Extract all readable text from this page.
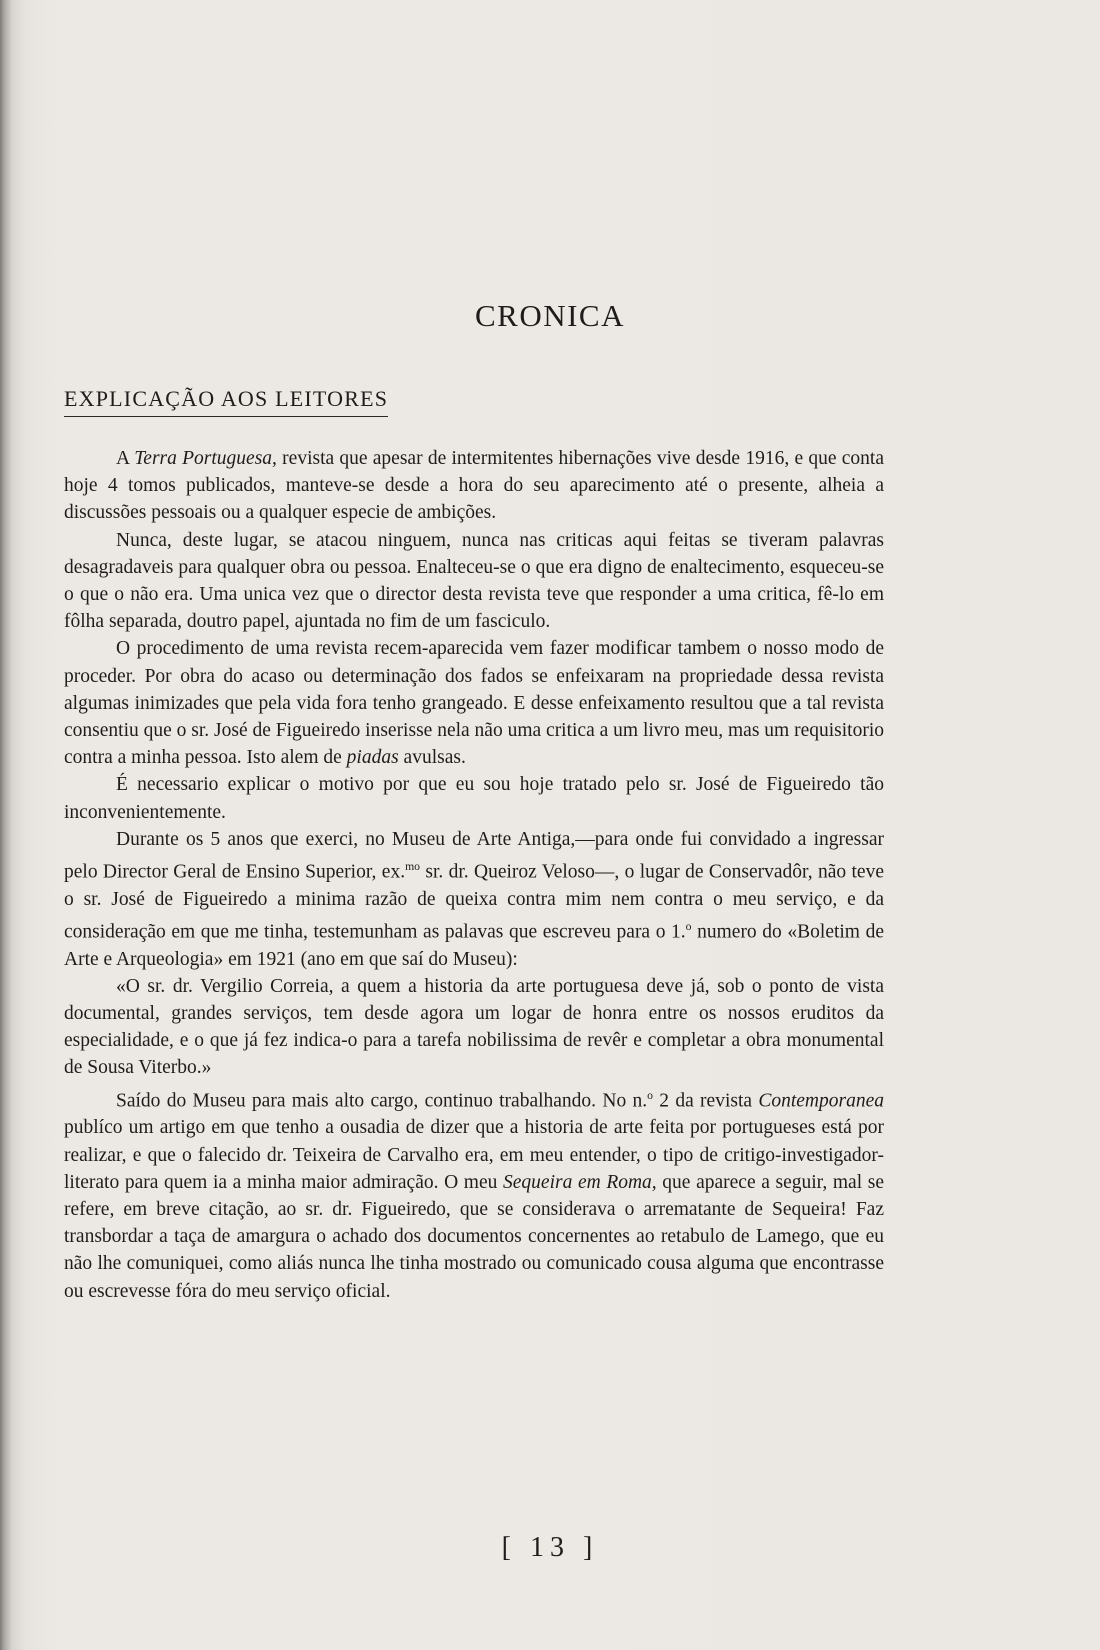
CRONICA
EXPLICAÇÃO AOS LEITORES

A Terra Portuguesa, revista que apesar de intermitentes hibernações vive desde 1916, e que conta hoje 4 tomos publicados, manteve-se desde a hora do seu aparecimento até o presente, alheia a discussões pessoais ou a qualquer especie de ambições.

Nunca, deste lugar, se atacou ninguem, nunca nas criticas aqui feitas se tiveram palavras desagradaveis para qualquer obra ou pessoa. Enalteceu-se o que era digno de enaltecimento, esqueceu-se o que o não era. Uma unica vez que o director desta revista teve que responder a uma critica, fê-lo em fôlha separada, doutro papel, ajuntada no fim de um fasciculo.

O procedimento de uma revista recem-aparecida vem fazer modificar tambem o nosso modo de proceder. Por obra do acaso ou determinação dos fados se enfeixaram na propriedade dessa revista algumas inimizades que pela vida fora tenho grangeado. E desse enfeixamento resultou que a tal revista consentiu que o sr. José de Figueiredo inserisse nela não uma critica a um livro meu, mas um requisitorio contra a minha pessoa. Isto alem de piadas avulsas.

É necessario explicar o motivo por que eu sou hoje tratado pelo sr. José de Figueiredo tão inconvenientemente.

Durante os 5 anos que exerci, no Museu de Arte Antiga,—para onde fui convidado a ingressar pelo Director Geral de Ensino Superior, ex.$^{mo}$ sr. dr. Queiroz Veloso—, o lugar de Conservadôr, não teve o sr. José de Figueiredo a minima razão de queixa contra mim nem contra o meu serviço, e da consideração em que me tinha, testemunham as palavas que escreveu para o 1.$^o$ numero do «Boletim de Arte e Arqueologia» em 1921 (ano em que saí do Museu):

«O sr. dr. Vergilio Correia, a quem a historia da arte portuguesa deve já, sob o ponto de vista documental, grandes serviços, tem desde agora um logar de honra entre os nossos eruditos da especialidade, e o que já fez indica-o para a tarefa nobilissima de revêr e completar a obra monumental de Sousa Viterbo.»

Saído do Museu para mais alto cargo, continuo trabalhando. No n.$^o$ 2 da revista Contemporanea publíco um artigo em que tenho a ousadia de dizer que a historia de arte feita por portugueses está por realizar, e que o falecido dr. Teixeira de Carvalho era, em meu entender, o tipo de critigo-investigador-literato para quem ia a minha maior admiração. O meu Sequeira em Roma, que aparece a seguir, mal se refere, em breve citação, ao sr. dr. Figueiredo, que se considerava o arrematante de Sequeira! Faz transbordar a taça de amargura o achado dos documentos concernentes ao retabulo de Lamego, que eu não lhe comuniquei, como aliás nunca lhe tinha mostrado ou comunicado cousa alguma que encontrasse ou escrevesse fóra do meu serviço oficial.

[ 13 ]
